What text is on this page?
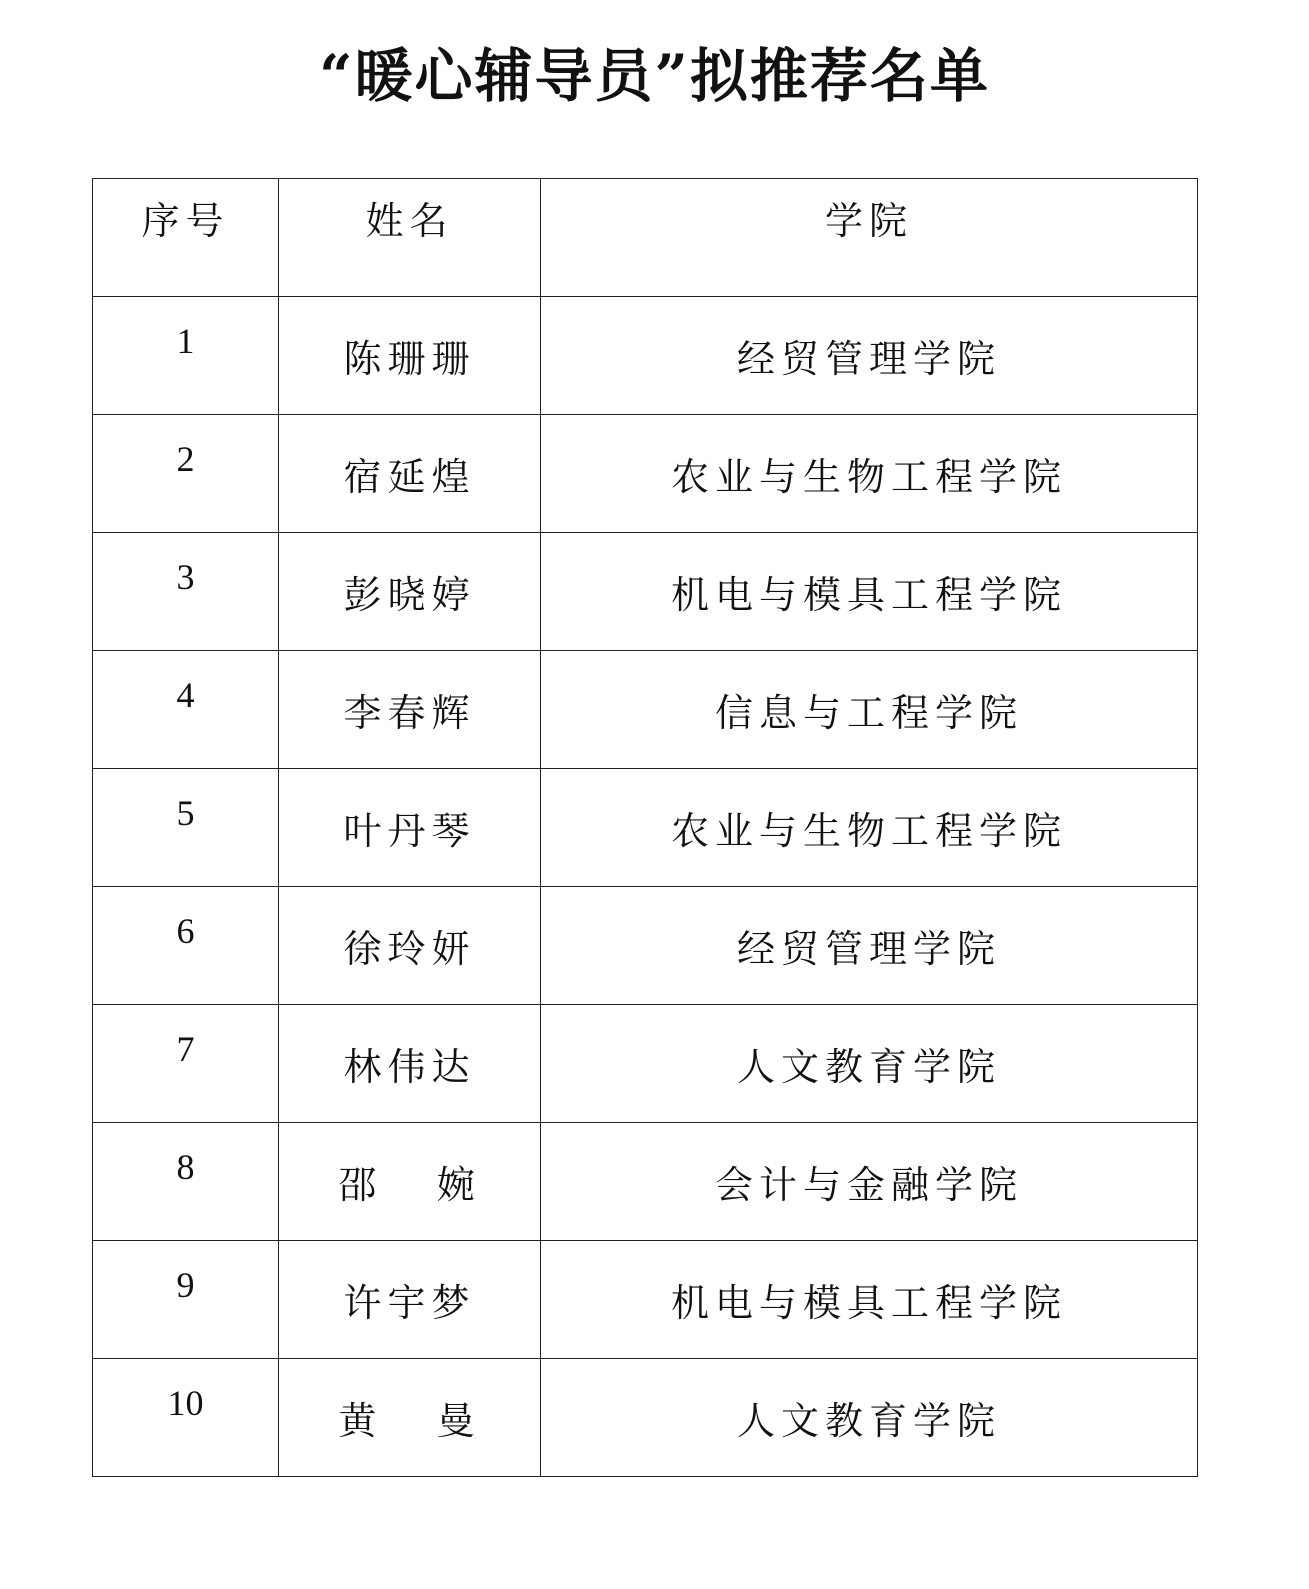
“暖心辅导员”拟推荐名单
序号	姓名	学院

1	陈珊珊	经贸管理学院

2	宿延煌	农业与生物工程学院

3	彭晓婷	机电与模具工程学院

4	李春辉	信息与工程学院

5	叶丹琴	农业与生物工程学院

6	徐玲妍	经贸管理学院

7	林伟达	人文教育学院

8	邵   婉	会计与金融学院

9	许宇梦	机电与模具工程学院

10	黄   曼	人文教育学院
